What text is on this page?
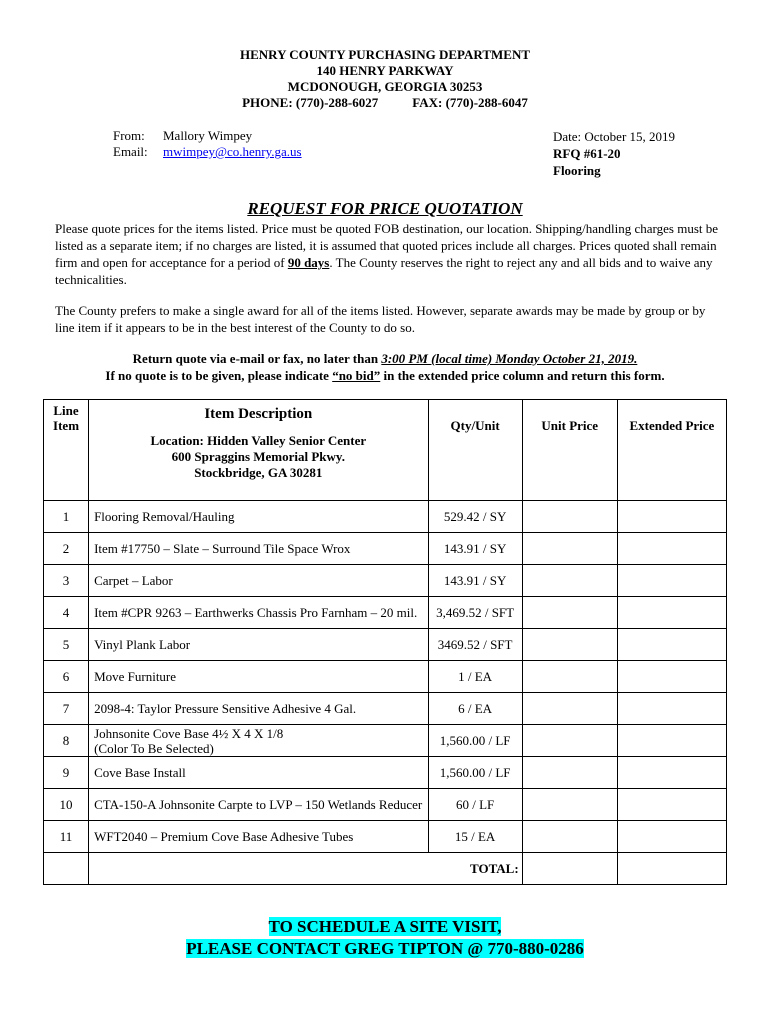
HENRY COUNTY PURCHASING DEPARTMENT
140 HENRY PARKWAY
MCDONOUGH, GEORGIA 30253
PHONE: (770)-288-6027	FAX: (770)-288-6047
From: Mallory Wimpey
Email: mwimpey@co.henry.ga.us
Date: October 15, 2019
RFQ #61-20
Flooring
REQUEST FOR PRICE QUOTATION
Please quote prices for the items listed. Price must be quoted FOB destination, our location. Shipping/handling charges must be listed as a separate item; if no charges are listed, it is assumed that quoted prices include all charges. Prices quoted shall remain firm and open for acceptance for a period of 90 days. The County reserves the right to reject any and all bids and to waive any technicalities.
The County prefers to make a single award for all of the items listed. However, separate awards may be made by group or by line item if it appears to be in the best interest of the County to do so.
Return quote via e-mail or fax, no later than 3:00 PM (local time) Monday October 21, 2019.
If no quote is to be given, please indicate “no bid” in the extended price column and return this form.
Line Item	Item Description
Location: Hidden Valley Senior Center
600 Spraggins Memorial Pkwy.
Stockbridge, GA 30281	Qty/Unit	Unit Price	Extended Price
1	Flooring Removal/Hauling	529.42 / SY		
2	Item #17750 – Slate – Surround Tile Space Wrox	143.91 / SY		
3	Carpet – Labor	143.91 / SY		
4	Item #CPR 9263 – Earthwerks Chassis Pro Farnham – 20 mil.	3,469.52 / SFT		
5	Vinyl Plank Labor	3469.52 / SFT		
6	Move Furniture	1 / EA		
7	2098-4: Taylor Pressure Sensitive Adhesive 4 Gal.	6 / EA		
8	Johnsonite Cove Base 4½ X 4 X 1/8
(Color To Be Selected)	1,560.00 / LF		
9	Cove Base Install	1,560.00 / LF		
10	CTA-150-A Johnsonite Carpte to LVP – 150 Wetlands Reducer	60 / LF		
11	WFT2040 – Premium Cove Base Adhesive Tubes	15 / EA		
	TOTAL:			
TO SCHEDULE A SITE VISIT,
PLEASE CONTACT GREG TIPTON @ 770-880-0286
